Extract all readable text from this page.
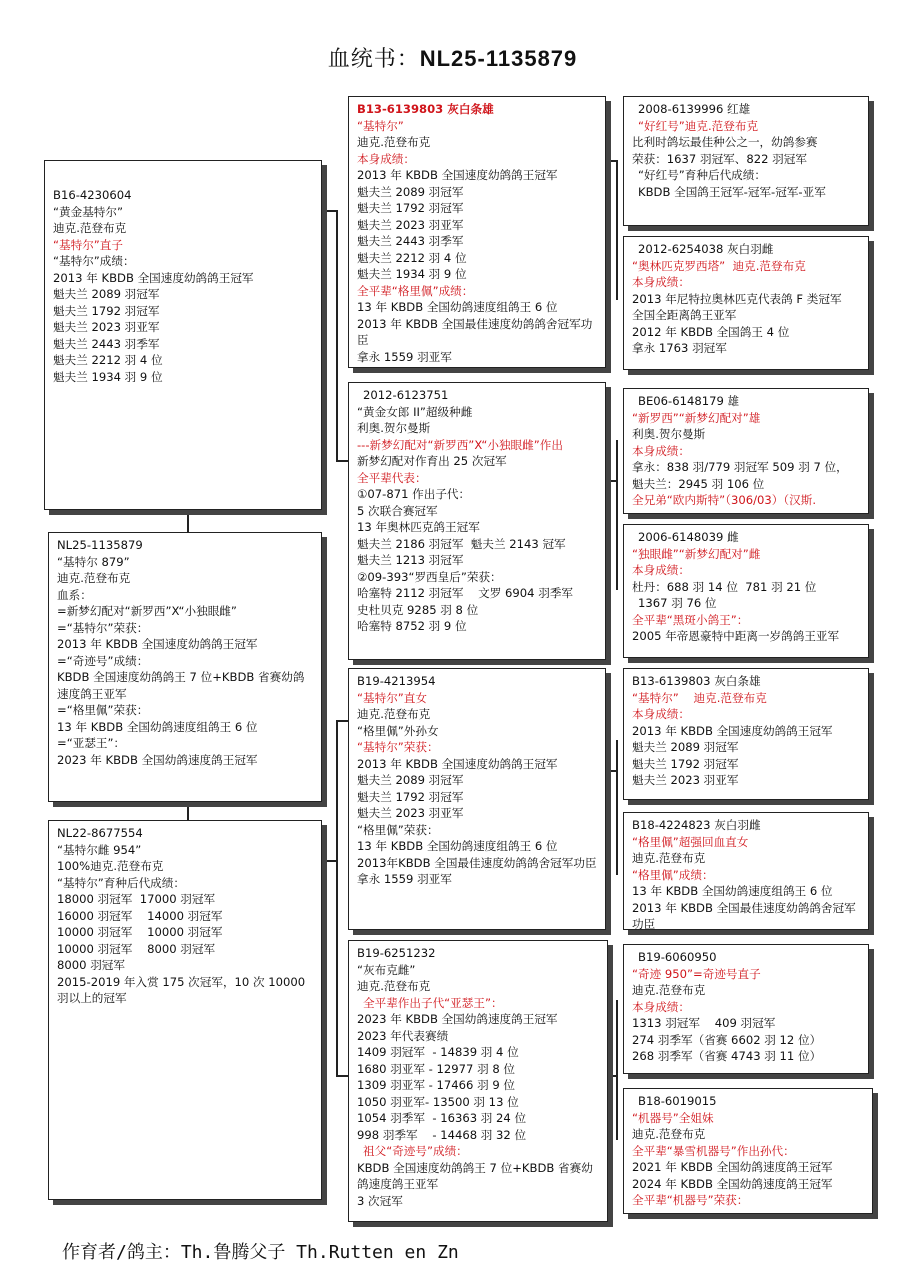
血统书：NL25-1135879
B16-4230604
“黄金基特尔”
迪克.范登布克
“基特尔”直子
“基特尔”成绩：
2013 年 KBDB 全国速度幼鸽鸽王冠军
魁夫兰 2089 羽冠军
魁夫兰 1792 羽冠军
魁夫兰 2023 羽亚军
魁夫兰 2443 羽季军
魁夫兰 2212 羽 4 位
魁夫兰 1934 羽 9 位
NL25-1135879
“基特尔 879”
迪克.范登布克
血系：
=新梦幻配对“新罗西”X“小独眼雌”
=“基特尔”荣获：
2013 年 KBDB 全国速度幼鸽鸽王冠军
=“奇迹号”成绩：
KBDB 全国速度幼鸽鸽王 7 位+KBDB 省赛幼鸽速度鸽王亚军
=“格里佩”荣获：
13 年 KBDB 全国幼鸽速度组鸽王 6 位
=“亚瑟王”：
2023 年 KBDB 全国幼鸽速度鸽王冠军
NL22-8677554
“基特尔雌 954”
100%迪克.范登布克
“基特尔”育种后代成绩：
18000 羽冠军  17000 羽冠军
16000 羽冠军    14000 羽冠军
10000 羽冠军    10000 羽冠军
10000 羽冠军    8000 羽冠军
8000 羽冠军
2015-2019 年入赏 175 次冠军，10 次 10000 羽以上的冠军
B13-6139803 灰白条雄
“基特尔”
迪克.范登布克
本身成绩：
2013 年 KBDB 全国速度幼鸽鸽王冠军
魁夫兰 2089 羽冠军
魁夫兰 1792 羽冠军
魁夫兰 2023 羽亚军
魁夫兰 2443 羽季军
魁夫兰 2212 羽 4 位
魁夫兰 1934 羽 9 位
全平辈“格里佩”成绩：
13 年 KBDB 全国幼鸽速度组鸽王 6 位
2013 年 KBDB 全国最佳速度幼鸽鸽舍冠军功臣
拿永 1559 羽亚军
2012-6123751
“黄金女郎 II”超级种雌
利奥.贺尔曼斯
---新梦幻配对“新罗西”X“小独眼雌”作出
新梦幻配对作育出 25 次冠军
全平辈代表：
①07-871 作出子代：
5 次联合赛冠军
13 年奥林匹克鸽王冠军
魁夫兰 2186 羽冠军  魁夫兰 2143 冠军
魁夫兰 1213 羽冠军
②09-393“罗西皇后”荣获：
哈塞特 2112 羽冠军    文罗 6904 羽季军
史杜贝克 9285 羽 8 位
哈塞特 8752 羽 9 位
B19-4213954
“基特尔”直女
迪克.范登布克
“格里佩”外孙女
“基特尔”荣获：
2013 年 KBDB 全国速度幼鸽鸽王冠军
魁夫兰 2089 羽冠军
魁夫兰 1792 羽冠军
魁夫兰 2023 羽亚军
“格里佩”荣获：
13 年 KBDB 全国幼鸽速度组鸽王 6 位
2013年KBDB 全国最佳速度幼鸽鸽舍冠军功臣
拿永 1559 羽亚军
B19-6251232
“灰布克雌”
迪克.范登布克
全平辈作出子代“亚瑟王”：
2023 年 KBDB 全国幼鸽速度鸽王冠军
2023 年代表赛绩
1409 羽冠军  - 14839 羽 4 位
1680 羽亚军 - 12977 羽 8 位
1309 羽亚军 - 17466 羽 9 位
1050 羽亚军- 13500 羽 13 位
1054 羽季军  - 16363 羽 24 位
998 羽季军    - 14468 羽 32 位
祖父“奇迹号”成绩：
KBDB 全国速度幼鸽鸽王 7 位+KBDB 省赛幼鸽速度鸽王亚军
3 次冠军
2008-6139996 红雄
“好红号”迪克.范登布克
比利时鸽坛最佳种公之一，幼鸽参赛
荣获：1637 羽冠军、822 羽冠军
“好红号”育种后代成绩：
KBDB 全国鸽王冠军-冠军-冠军-亚军
2012-6254038 灰白羽雌
“奥林匹克罗西塔”  迪克.范登布克
本身成绩：
2013 年尼特拉奥林匹克代表鸽 F 类冠军
全国全距离鸽王亚军
2012 年 KBDB 全国鸽王 4 位
拿永 1763 羽冠军
BE06-6148179 雄
“新罗西”“新梦幻配对”雄
利奥.贺尔曼斯
本身成绩：
拿永：838 羽/779 羽冠军 509 羽 7 位，
魁夫兰：2945 羽 106 位
全兄弟“欧内斯特”（306/03）（汉斯.
2006-6148039 雌
“独眼雌”“新梦幻配对”雌
本身成绩：
杜丹：688 羽 14 位  781 羽 21 位
1367 羽 76 位
全平辈“黑斑小鸽王”：
2005 年帝恩豪特中距离一岁鸽鸽王亚军
B13-6139803 灰白条雄
“基特尔”    迪克.范登布克
本身成绩：
2013 年 KBDB 全国速度幼鸽鸽王冠军
魁夫兰 2089 羽冠军
魁夫兰 1792 羽冠军
魁夫兰 2023 羽亚军
B18-4224823 灰白羽雌
“格里佩”超强回血直女
迪克.范登布克
“格里佩”成绩：
13 年 KBDB 全国幼鸽速度组鸽王 6 位
2013 年 KBDB 全国最佳速度幼鸽鸽舍冠军功臣
B19-6060950
“奇迹 950”=奇迹号直子
迪克.范登布克
本身成绩：
1313 羽冠军    409 羽冠军
274 羽季军（省赛 6602 羽 12 位）
268 羽季军（省赛 4743 羽 11 位）
B18-6019015
“机器号”全姐妹
迪克.范登布克
全平辈“暴雪机器号”作出孙代：
2021 年 KBDB 全国幼鸽速度鸽王冠军
2024 年 KBDB 全国幼鸽速度鸽王冠军
全平辈“机器号”荣获：
作育者/鸽主：Th.鲁腾父子 Th.Rutten en Zn
